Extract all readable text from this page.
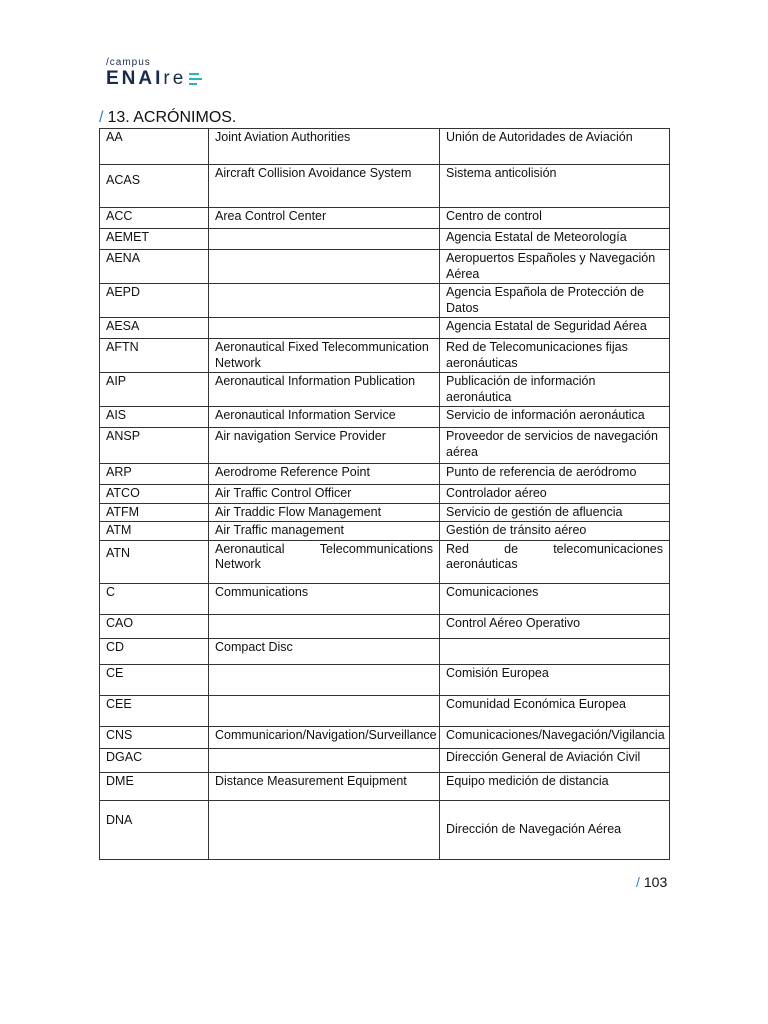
/campus
ENAIre
/ 13. ACRÓNIMOS.
AA	Joint Aviation Authorities	Unión de Autoridades de Aviación
ACAS	Aircraft Collision Avoidance System	Sistema anticolisión
ACC	Area Control Center	Centro de control
AEMET		Agencia Estatal de Meteorología
AENA		Aeropuertos Españoles y Navegación Aérea
AEPD		Agencia Española de Protección de Datos
AESA		Agencia Estatal de Seguridad Aérea
AFTN	Aeronautical Fixed Telecommunication Network	Red de Telecomunicaciones fijas aeronáuticas
AIP	Aeronautical Information Publication	Publicación de información aeronáutica
AIS	Aeronautical Information Service	Servicio de información aeronáutica
ANSP	Air navigation Service Provider	Proveedor de servicios de navegación aérea
ARP	Aerodrome Reference Point	Punto de referencia de aeródromo
ATCO	Air Traffic Control Officer	Controlador aéreo
ATFM	Air Traddic Flow Management	Servicio de gestión de afluencia
ATM	Air Traffic management	Gestión de tránsito aéreo
ATN	Aeronautical Telecommunications Network	Red de telecomunicaciones aeronáuticas
C	Communications	Comunicaciones
CAO		Control Aéreo Operativo
CD	Compact Disc	
CE		Comisión Europea
CEE		Comunidad Económica Europea
CNS	Communicarion/Navigation/Surveillance	Comunicaciones/Navegación/Vigilancia
DGAC		Dirección General de Aviación Civil
DME	Distance Measurement Equipment	Equipo medición de distancia
DNA		Dirección de Navegación Aérea
/ 103
